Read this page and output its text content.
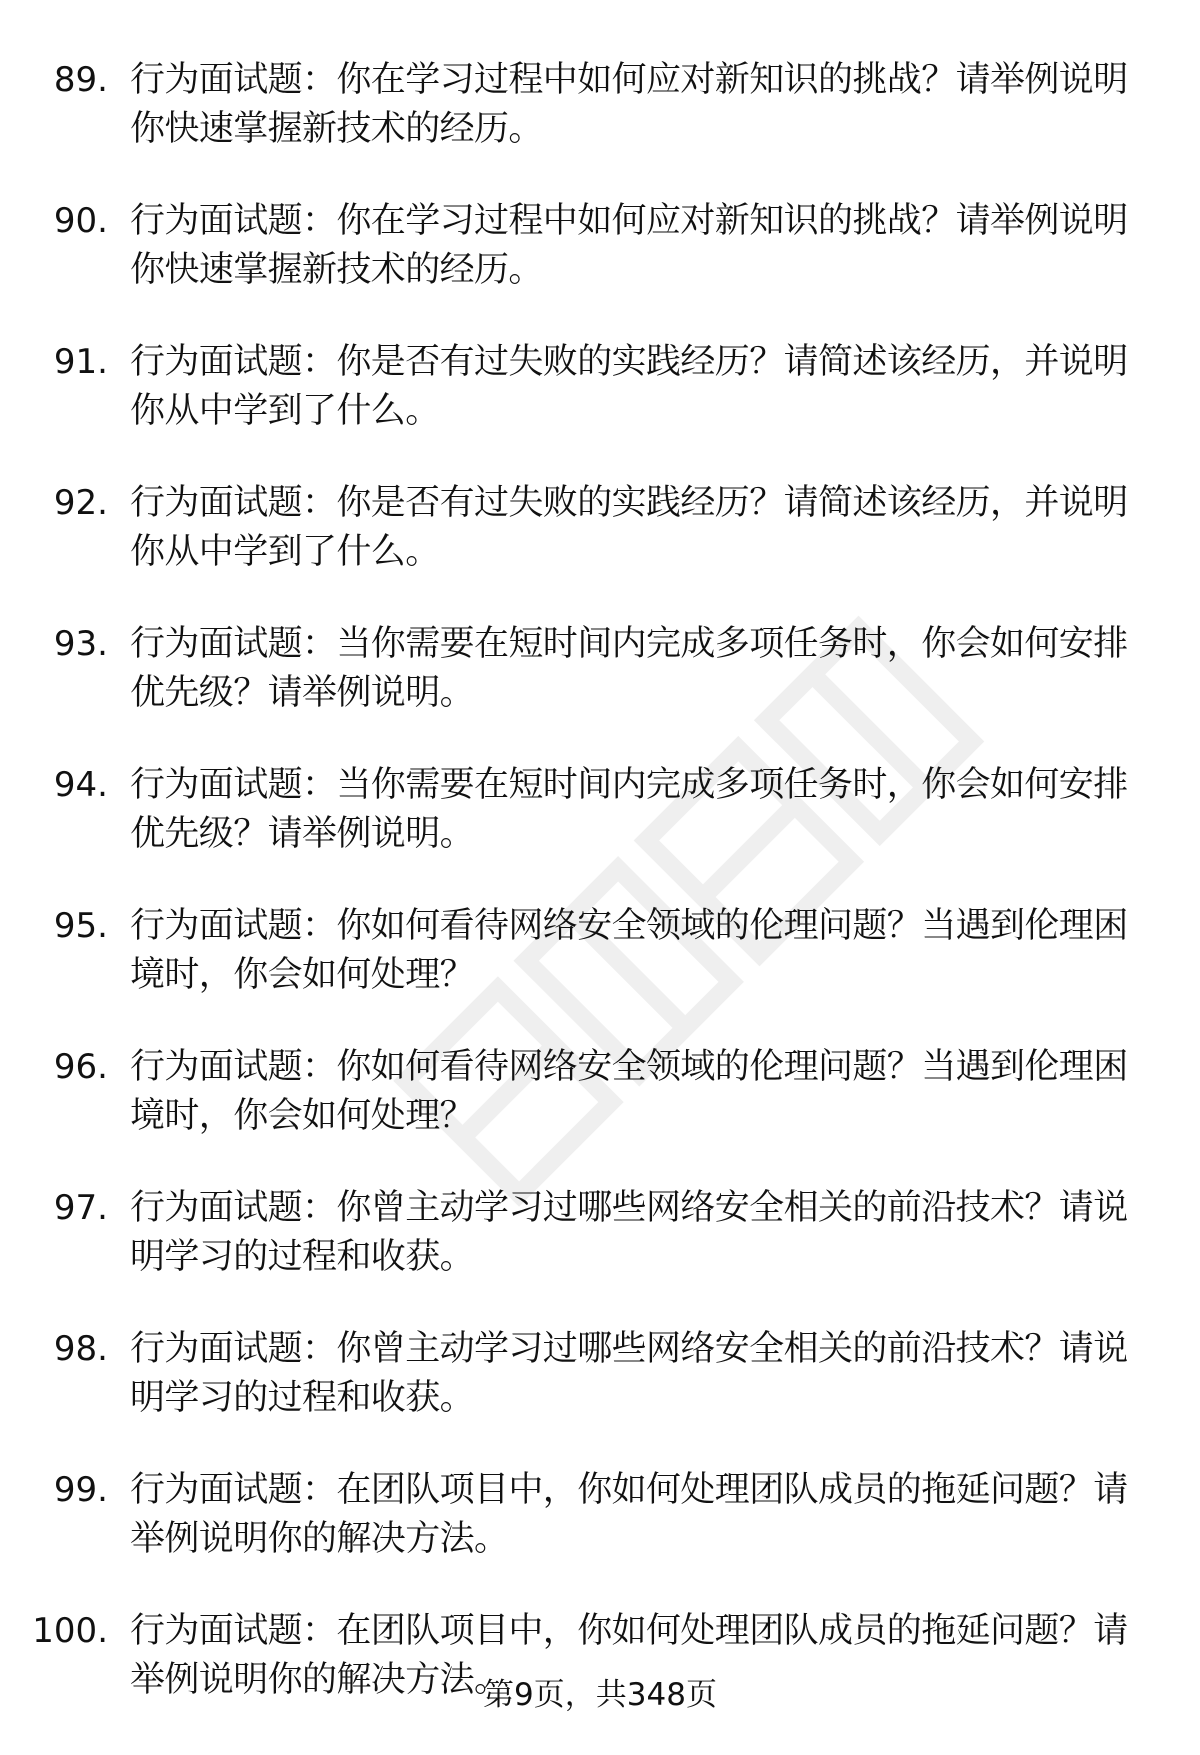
89. 行为面试题：你在学习过程中如何应对新知识的挑战？请举例说明你快速掌握新技术的经历。
90. 行为面试题：你在学习过程中如何应对新知识的挑战？请举例说明你快速掌握新技术的经历。
91. 行为面试题：你是否有过失败的实践经历？请简述该经历，并说明你从中学到了什么。
92. 行为面试题：你是否有过失败的实践经历？请简述该经历，并说明你从中学到了什么。
93. 行为面试题：当你需要在短时间内完成多项任务时，你会如何安排优先级？请举例说明。
94. 行为面试题：当你需要在短时间内完成多项任务时，你会如何安排优先级？请举例说明。
95. 行为面试题：你如何看待网络安全领域的伦理问题？当遇到伦理困境时，你会如何处理？
96. 行为面试题：你如何看待网络安全领域的伦理问题？当遇到伦理困境时，你会如何处理？
97. 行为面试题：你曾主动学习过哪些网络安全相关的前沿技术？请说明学习的过程和收获。
98. 行为面试题：你曾主动学习过哪些网络安全相关的前沿技术？请说明学习的过程和收获。
99. 行为面试题：在团队项目中，你如何处理团队成员的拖延问题？请举例说明你的解决方法。
100. 行为面试题：在团队项目中，你如何处理团队成员的拖延问题？请举例说明你的解决方法。
第9页，共348页
